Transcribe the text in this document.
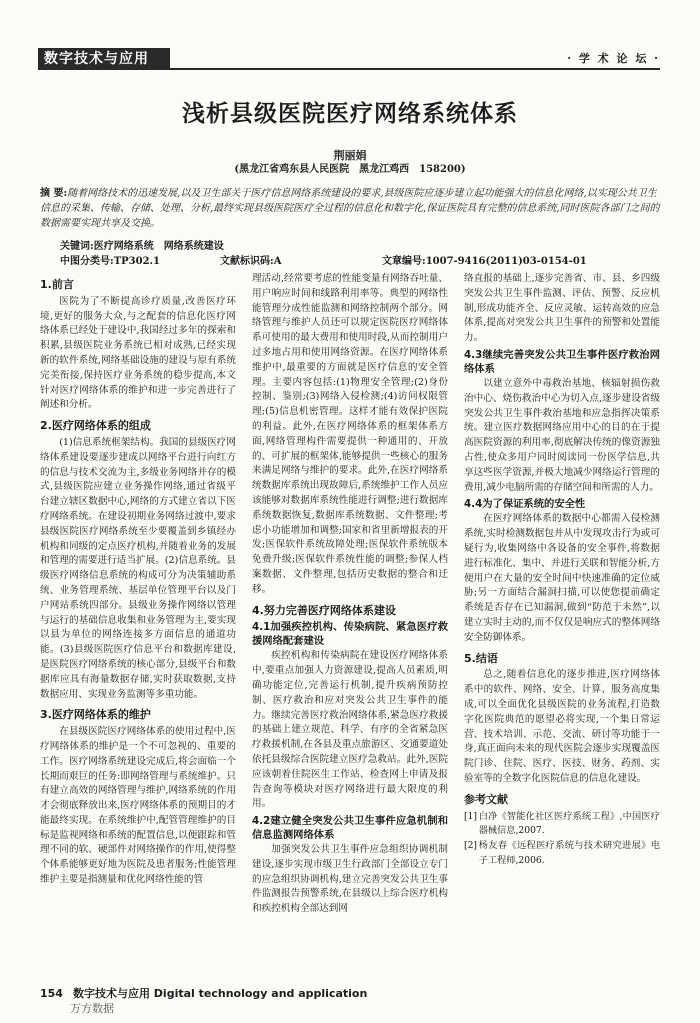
数字技术与应用	· 学 术 论 坛 ·
浅析县级医院医疗网络系统体系
荆丽娟
(黑龙江省鸡东县人民医院　黑龙江鸡西　158200)
摘 要:随着网络技术的迅速发展,以及卫生部关于医疗信息网络系统建设的要求,县级医院应逐步建立起功能强大的信息化网络,以实现公共卫生信息的采集、传输、存储、处理、分析,最终实现县级医院医疗全过程的信息化和数字化,保证医院具有完整的信息系统,同时医院各部门之间的数据需要实现共享及交换。
关键词:医疗网络系统　网络系统建设
中图分类号:TP302.1	文献标识码:A	文章编号:1007-9416(2011)03-0154-01
1.前言

医院为了不断提高诊疗质量,改善医疗环境,更好的服务大众,与之配套的信息化医疗网络体系已经处于建设中,我国经过多年的探索和积累,县级医院业务系统已相对成熟,已经实现新的软件系统,网络基础设施的建设与原有系统完美衔接,保持医疗业务系统的稳步提高,本文针对医疗网络体系的维护和进一步完善进行了阐述和分析。

2.医疗网络体系的组成

(1)信息系统框架结构。我国的县级医疗网络体系建设要逐步建成以网络平台进行向红方的信息与技术交流为主,多级业务网络并存的模式,县级医院应建立业务操作网络,通过省级平台建立辖区数据中心,网络的方式建立省以下医疗网络系统。在建设初期业务网络过渡中,要求县级医院医疗网络系统至少要覆盖到乡镇经办机构和同级的定点医疗机构,并随着业务的发展和管理的需要进行适当扩展。(2)信息系统。县级医疗网络信息系统的构成可分为决策辅助系统、业务管理系统、基层单位管理平台以及门户网站系统四部分。县级业务操作网络以管理与运行的基础信息收集和业务管理为主,要实现以县为单位的网络连接多方面信息的通道功能。(3)县级医院医疗信息平台和数据库建设,是医院医疗网络系统的核心部分,县级平台和数据库应具有海量数据存储,实时获取数据,支持数据应用、实现业务监测等多重功能。

3.医疗网络体系的维护

在县级医院医疗网络体系的使用过程中,医疗网络体系的维护是一个不可忽视的、重要的工作。医疗网络系统建设完成后,将会面临一个长期而艰巨的任务:即网络管理与系统维护。只有建立高效的网络管理与维护,网络系统的作用才会彻底释放出来,医疗网络体系的预期目的才能最终实现。在系统维护中,配管管理维护的目标是监视网络和系统的配置信息,以便跟踪和管理不同的软、硬部件对网络操作的作用,使得整个体系能够更好地为医院及患者服务;性能管理维护主要是指测量和优化网络性能的管

理活动,经常要考虑的性能变量有网络吞吐量、用户响应时间和线路利用率等。典型的网络性能管理分成性能监测和网络控制两个部分。网络管理与维护人员还可以规定医院医疗网络体系可使用的最大费用和使用时段,从而控制用户过多地占用和使用网络资源。在医疗网络体系维护中,最重要的方面就是医疗信息的安全管理。主要内容包括:(1)物理安全管理;(2)身份控制、鉴别;(3)网络入侵检测;(4)访问权限管理;(5)信息机密管理。这样才能有效保护医院的利益。此外,在医疗网络体系的框架体系方面,网络管理构件需要提供一种通用的、开放的、可扩展的框架体,能够提供一些核心的服务来满足网络与维护的要求。此外,在医疗网络系统数据库系统出现故障后,系统维护工作人员应该能够对数据库系统性能进行调整;进行数据库系统数据恢复,数据库系统数据、文件整理;考虑小功能增加和调整;国家和省里新增报表的开发;医保软件系统故障处理;医保软件系统版本免费升级;医保软件系统性能的调整;参保人档案数据、文件整理,包括历史数据的整合和迁移。

4.努力完善医疗网络体系建设
4.1加强疾控机构、传染病院、紧急医疗救援网络配套建设

疾控机构和传染病院在建设医疗网络体系中,要重点加强人力资源建设,提高人员素质,明确功能定位,完善运行机制,提升疾病预防控制、医疗救治和应对突发公共卫生事件的能力。继续完善医疗救治网络体系,紧急医疗救援的基础上建立规范、科学、有序的全省紧急医疗救援机制,在各县及重点旅游区、交通要道处依托县级综合医院建立医疗急救站。此外,医院应该朝着住院医生工作站、检查网上申请及报告查询等模块对医疗网络进行最大限度的利用。

4.2建立健全突发公共卫生事件应急机制和信息监测网络体系

加强突发公共卫生事件应急组织协调机制建设,逐步实现市级卫生行政部门全部设立专门的应急组织协调机构,建立完善突发公共卫生事件监测报告预警系统,在县级以上综合医疗机构和疾控机构全部达到网

络直报的基础上,逐步完善省、市、县、乡四级突发公共卫生事件监测、评估、预警、反应机制,形成功能齐全、反应灵敏、运转高效的应急体系,提高对突发公共卫生事件的预警和处置能力。

4.3继续完善突发公共卫生事件医疗救治网络体系

以建立意外中毒救治基地、核辐射损伤救治中心、烧伤救治中心为切入点,逐步建设省级突发公共卫生事件救治基地和应急指挥决策系统。建立医疗数据网络应用中心的目的在于提高医院资源的利用率,彻底解决传统的像资源独占性,使众多用户同时阅读同一份医学信息,共享这些医学资源,并极大地减少网络运行管理的费用,减少电脑所需的存储空间和所需的人力。

4.4为了保证系统的安全性

在医疗网络体系的数据中心都需入侵检测系统,实时检测数据包并从中发现攻击行为或可疑行为,收集网络中各设备的安全事件,将数据进行标准化、集中、并进行关联和智能分析,方便用户在大量的安全时间中快速准确的定位威胁;另一方面结合漏洞扫描,可以使您提前确定系统是否存在已知漏洞,做到“防范于未然”,以建立实时主动的,而不仅仅是响应式的整体网络安全防御体系。

5.结语

总之,随着信息化的逐步推进,医疗网络体系中的软件、网络、安全、计算、服务高度集成,可以全面优化县级医院的业务流程,打造数字化医院典范的愿望必将实现,一个集日常运营、技术培训、示范、交流、研讨等功能于一身,真正面向未来的现代医院会逐步实现覆盖医院门诊、住院、医疗、医技、财务、药剂、实验室等的全数字化医院信息的信息化建设。

参考文献

[1] 白净《智能化社区医疗系统工程》,中国医疗器械信息,2007.

[2] 杨友春《远程医疗系统与技术研究进展》电子工程师,2006.

154 数字技术与应用 Digital technology and application
万方数据
